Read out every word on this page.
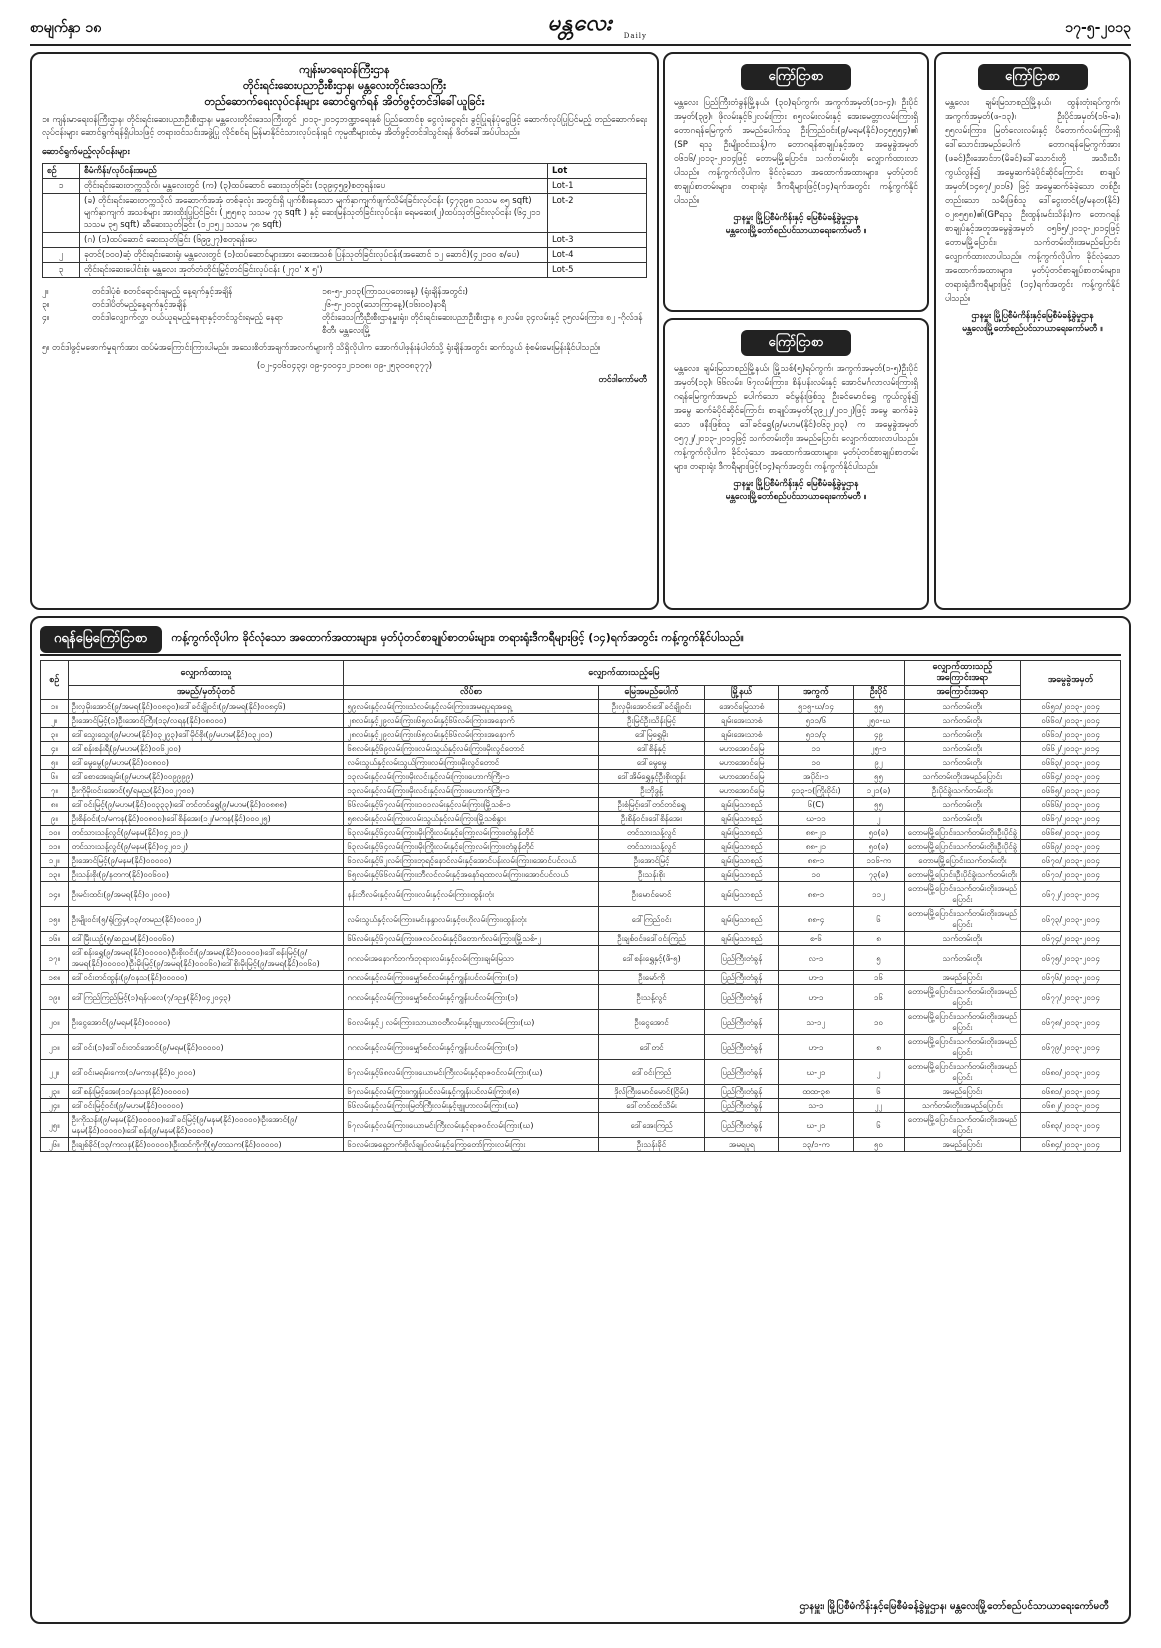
စာမျက်နှာ ၁၈	မန္တလေး Daily	၁၇-၅-၂၀၁၃
ကျန်းမာရေးဝန်ကြီးဌာန
တိုင်းရင်းဆေးပညာဦးစီးဌာန၊ မန္တလေးတိုင်းဒေသကြီး
တည်ဆောက်ရေးလုပ်ငန်းများ ဆောင်ရွက်ရန် အိတ်ဖွင့်တင်ဒါခေါ်ယူခြင်း
၁။ ကျန်းမာရေးဝန်ကြီးဌာန၊ တိုင်းရင်းဆေးပညာဦးစီးဌာန၊ မန္တလေးတိုင်းဒေသကြီးတွင် ၂၀၁၃-၂၀၁၄ဘဏ္ဍာရေးနှစ် ပြည်ထောင်စု ငွေလုံးငွေရင်း ခွင့်ပြုရန်ပုံငွေဖြင့် ဆောက်လုပ်ပြုပြင်မည့် တည်ဆောက်ရေးလုပ်ငန်းများ ဆောင်ရွက်ရန်ရှိပါသဖြင့် တရားဝင်သင်းအဖွဲ့ပြု လိုင်စင်ရ မြန်မာနိုင်ငံသားလုပ်ငန်းရှင် ကုမ္ပဏီများထံမှ အိတ်ဖွင့်တင်ဒါသွင်းရန် ဖိတ်ခေါ်အပ်ပါသည်။
ဆောင်ရွက်မည့်လုပ်ငန်းများ
စဉ်	စီမံကိန်း/လုပ်ငန်းအမည်	Lot
၁	တိုင်းရင်းဆေးတက္ကသိုလ်၊ မန္တလေးတွင် (က) (၃)ထပ်ဆောင် ဆေးသုတ်ခြင်း (၁၃၉၊၄၅၉)စတုရန်းပေ	Lot-1
	(ခ) တိုင်းရင်းဆေးတက္ကသိုလ် အဆောက်အအုံ တစ်ခုလုံး အတွင်းရှိ ပျက်စီးနေသော မျက်နှာကျက်ဖျက်သိမ်းခြင်းလုပ်ငန်း (၄၇၃၉၈ သသမ ၈၅ sqft) မျက်နှာကျက် အသစ်များ အားထိုးပြုပြင်ခြင်း (၂၅၅၈၃ သသမ ၇၃ sqft ) နှင့် ဆေးမြန်သုတ်ခြင်းလုပ်ငန်း၊ ရေမဆေး(၂)ထပ်သုတ်ခြင်းလုပ်ငန်း (၆၄၂၁၁ သသမ ၃၅ sqft) ဆီဆေးသုတ်ခြင်း (၁၂၁၅၂ သသမ ၇၈ sqft)	Lot-2
	(ဂ) (၁)ထပ်ဆောင် ဆေးသုတ်ခြင်း (၆၉၉၂၇)စတုရန်းပေ	Lot-3
၂	ခုတင်(၁၀၀)ဆံ့ တိုင်းရင်းဆေးရုံ၊ မန္တလေးတွင် (၁)ထပ်ဆောင်များအား ဆေးအသစ် ပြန်သုတ်ခြင်းလုပ်ငန်း(အဆောင် ၁၂ ဆောင်)(၄၂၁၀၀ စ/ပေ)	Lot-4
၃	တိုင်းရင်းဆေးပေါင်းစုံ၊ မန္တလေး အုတ်တံတိုင်းမြှင့်တင်ခြင်းလုပ်ငန်း (၂၇၀' x ၅')	Lot-5
၂။	တင်ဒါပုံစံ စတင်ရောင်းချမည့် နေ့ရက်နှင့်အချိန်	၁၈-၅-၂၀၁၃(ကြာသပတေးနေ့) (ရုံးချိန်အတွင်း)
၃။	တင်ဒါပိတ်မည့်နေ့ရက်နှင့်အချိန်	၂၆-၅-၂၀၁၃(သောကြာနေ့)(၁၆း၀၀)နာရီ
၄။	တင်ဒါလျှောက်လွှာ ဝယ်ယူရမည့်နေရာနှင့်တင်သွင်းရမည့် နေရာ	တိုင်းဒေသကြီးဦးစီးဌာနမှူးရုံး၊ တိုင်းရင်းဆေးပညာဦးစီးဌာန ၈၂လမ်း၊ ၃၄လမ်းနှင့် ၃၅လမ်းကြား၊ ၈၂ -ဂိုလ်ဒန်စီတီ၊ မန္တလေးမြို့
၅။ တင်ဒါဖွင့်မဖောက်မှုရက်အား ထပ်မံအကြောင်းကြားပါမည်။ အသေးစိတ်အချက်အလက်များကို သိရှိလိုပါက အောက်ပါဖုန်းနံပါတ်သို့ ရုံးချိန်အတွင်း ဆက်သွယ် စုံစမ်းမေးမြန်းနိုင်ပါသည်။
(၀၂-၄၀၆၀၄၃၄၊ ၀၉-၄၀၀၄၁၂၁၁၀၈၊ ၀၉-၂၅၃၀၀၈၃၇၇)
တင်ဒါကော်မတီ
ကြော်ငြာစာ
မန္တလေး ပြည်ကြီးတံခွန်မြို့နယ်၊ (၃၀)ရပ်ကွက်၊ အကွက်အမှတ်(၁၁-၄)၊ ဦးပိုင်အမှတ်(၃၉)၊ ဖိုလမ်းနှင့်၆၂လမ်းကြား ၈၅လမ်းလမ်းနှင့် အေးမေတ္တာလမ်းကြားရှိ တောဂရန်မြေကွက် အမည်ပေါက်သူ ဦးကြည်ဝင်း(၉/မရမ(နိုင်)၀၄၅၅၅၄)၏ (SP ရသူ ဦးမျိုးဝင်းသန့်)က တောဂရန်စာချုပ်နှင့်အတူ အမွေခွဲအမှတ် ၀၆၁၆/၂၀၁၃-၂၀၁၄ဖြင့် တောမမြို့ပြောင်း၊ သက်တမ်းတိုး လျှောက်ထားလာပါသည်။ ကန့်ကွက်လိုပါက ခိုင်လုံသော အထောက်အထားများ၊ မှတ်ပုံတင်စာချုပ်စာတမ်းများ၊ တရားရုံး ဒီကရီများဖြင့်(၁၄)ရက်အတွင်း ကန့်ကွက်နိုင်ပါသည်။
ဌာနမှူး မြို့ပြစီမံကိန်းနှင့် မြေစီမံခန့်ခွဲမှုဌာန
မန္တလေးမြို့တော်စည်ပင်သာယာရေးကော်မတီ ။
ကြော်ငြာစာ
မန္တလေး၊ ချမ်းမြသာစည်မြို့နယ်၊ မြို့သစ်(၅)ရပ်ကွက်၊ အကွက်အမှတ်(၁-၅)ဦးပိုင်အမှတ်(၁၃)၊ ၆၆လမ်း၊ ၆၇လမ်းကြား၊ စိန်ပန်းလမ်းနှင့် အောင်မင်္ဂလာလမ်းကြားရှိ ဂရန်မြေကွက်အမည် ပေါက်သော ခင်မွန်းဖြစ်သူ ဦးခင်မောင်ရွှေ ကွယ်လွန်၍ အမွေ ဆက်ခံပိုင်ဆိုင်ကြောင်း စာချုပ်အမှတ်(၃၉၂၂/၂၀၁၂)ဖြင့် အမွေ ဆက်ခံခဲ့သော ဖနီးဖြစ်သူ ဒေါ်ခင်ရွှေ(၉/မဟမ(နိုင်)၀၆၃၂၀၃) က အမွေခွဲအမှတ် ၀၅၇၂/၂၀၁၃-၂၀၁၄ဖြင့် သက်တမ်းတိုး၊ အမည်ပြောင်း လျှောက်ထားလာပါသည်။ ကန့်ကွက်လိုပါက ခိုင်လုံသော အထောက်အထားများ၊ မှတ်ပုံတင်စာချုပ်စာတမ်းများ၊ တရားရုံး ဒီကရီများဖြင့်(၁၄)ရက်အတွင်း ကန့်ကွက်နိုင်ပါသည်။
ဌာနမှူး မြို့ပြစီမံကိန်းနှင့် မြေစီမံခန့်ခွဲမှုဌာန
မန္တလေးမြို့တော်စည်ပင်သာယာရေးကော်မတီ ။
ကြော်ငြာစာ
မန္တလေး ချမ်းမြသာစည်မြို့နယ်၊ ထွန်းတုံးရပ်ကွက်၊ အကွက်အမှတ်(ဖ-၁၃)၊ ဦးပိုင်အမှတ်(၁၆-ခ)၊ ၅၅လမ်းကြား၊ မြတ်လေးလမ်းနှင့် ပိတောက်လမ်းကြားရှိ ဒေါ်သောင်းအမည်ပေါက် တောဂရန်မြေကွက်အား (ဖခင်)ဦးအောင်ဘ(မိခင်)ဒေါ်သောင်းတို့ အသီးသီး ကွယ်လွန်၍ အမွေဆက်ခံပိုင်ဆိုင်ကြောင်း စာချုပ်အမှတ်(၁၄၈၇/၂၀၁၆) ဖြင့် အမွေဆက်ခံခဲ့သော တစ်ဦးတည်းသော သမီးဖြစ်သူ ဒေါ်ငွေးတင်(၉/မနတ(နိုင်) ၀၂၈၅၅၈)၏(GPရသူ ဦးထွန်းမင်းသိန်း)က တောဂရန်စာချုပ်နှင့်အတူအမွေခွဲအမှတ် ၀၅၆၅/၂၀၁၃-၂၀၁၄ဖြင့် တောမမြို့ပြောင်း၊ သက်တမ်းတိုး၊အမည်ပြောင်း လျှောက်ထားလာပါသည်။ ကန့်ကွက်လိုပါက ခိုင်လုံသော အထောက်အထားများ၊ မှတ်ပုံတင်စာချုပ်စာတမ်းများ၊တရားရုံးဒီကရီများဖြင့် (၁၄)ရက်အတွင်း ကန့်ကွက်နိုင်ပါသည်။
ဌာနမှူး မြို့ပြစီမံကိန်းနှင့်မြေစီမံခန့်ခွဲမှုဌာန
မန္တလေးမြို့တော်စည်ပင်သာယာရေးကော်မတီ ။
ဂရန်မြေကြော်ငြာစာ	ကန့်ကွက်လိုပါက ခိုင်လုံသော အထောက်အထားများ၊ မှတ်ပုံတင်စာချုပ်စာတမ်းများ၊ တရားရုံးဒီကရီများဖြင့် (၁၄)ရက်အတွင်း ကန့်ကွက်နိုင်ပါသည်။
စဉ်	လျှောက်ထားသူ	လျှောက်ထားသည့်မြေ					လျှောက်ထားသည့် အကြောင်းအရာ	အမွေခွဲအမှတ်
	အမည်/မှတ်ပုံတင်	လိပ်စာ	မြေအမည်ပေါက်	မြို့နယ်	အကွက်	ဦးပိုင်	အကြောင်းအရာ	
၁။	ဦးလှမိုးအောင်(၉/အမရ(နိုင်)၀၀၈၃၀)၊ဒေါ်ခင်ချိုဝင်း(၉/အမရ(နိုင်)၀၀၈၄၆)	၅၉လမ်းနှင့်လမ်းကြား၊သံလမ်းနှင့်လမ်းကြား၊အမရပူရအရှေ့	ဦးလှမိုးအောင်၊ဒေါ်ခင်ချိုဝင်း	အောင်မြေသာစံ	၅၁၅-ဃ/၁၄	၅၅	သက်တမ်းတိုး	၀၆၅၁/၂၀၁၃-၂၀၁၄
၂။	ဦးအောင်မြင့်(၁)ဦးအောင်ကြီး(၁၃/လရန(နိုင်)၀၈၀၀၀)	၂၈လမ်းနှင့်၂၉လမ်းကြား၊၆၅လမ်းနှင့်၆၆လမ်းကြား၊အနောက်	ဦးမြင်ဦး၊သိန်းမြင့်	ချမ်းအေးသာစံ	၅၁၁/၆	၂၅၀-ဃ	သက်တမ်းတိုး	၀၆၆၀/၂၀၁၃-၂၀၁၄
၃။	ဒေါ်သွေးသွေး(၉/မဟမ(နိုင်)၀၃၂၉၃)ဒေါ်မိုင်စိုး(၉/မဟမ(နိုင်)၀၃၂၀၁)	၂၈လမ်းနှင့်၂၉လမ်းကြား၊၆၅လမ်းနှင့်၆၆လမ်းကြား၊အနောက်	ဒေါ်မြရွှေမိုး	ချမ်းအေးသာစံ	၅၁၁/၃	၄၉	သက်တမ်းတိုး	၀၆၆၁/၂၀၁၃-၂၀၁၄
၄။	ဒေါ်စန်းစန်းရီ(၉/မဟမ(နိုင်)၀၀၆၂၀၀)	၆၈လမ်းနှင့်၆၉လမ်းကြား၊လမ်းသွယ်နှင့်လမ်းကြား၊မိုးလွင်တောင်	ဒေါ်စိန်နှင့်	မဟာအောင်မြေ	၁၁	၂၅-၁	သက်တမ်းတိုး	၀၆၆၂/၂၀၁၃-၂၀၁၄
၅။	ဒေါ်မွေမွေ(၉/မဟမ(နိုင်)၀၀၈၀၀)	လမ်းသွယ်နှင့်လမ်းသွယ်ကြား၊လမ်းကြား၊မိုးလွင်တောင်	ဒေါ်မွေမွေ	မဟာအောင်မြေ	၁၀	၉၂	သက်တမ်းတိုး	၀၆၆၃/၂၀၁၃-၂၀၁၄
၆။	ဒေါ်စောအေးချမ်း(၉/မဟမ(နိုင်)၀၀၉၉၉၉)	၁၃လမ်းနှင့်လမ်းကြား၊မိုးလင်းနှင့်လမ်းကြား၊ဟောက်ကြီး-၁	ဒေါ်အိမ်ရွှေနှင့်ဦးစိုးထွန်း	မဟာအောင်မြေ	အပိုင်း-၁	၅၅	သက်တမ်းတိုးအမည်ပြောင်း	၀၆၆၄/၂၀၁၃-၂၀၁၄
၇။	ဦးကိုမိုးဝင်းအောင်(၅/ရမည(နိုင်)၀၀၂၇၀၀)	၁၃လမ်းနှင့်လမ်းကြား၊မိုးလင်းနှင့်လမ်းကြား၊ဟောက်ကြီး-၁	ဦးဘိုဒွန့်	မဟာအောင်မြေ	၄၁၃-၁(ကြိုးဝိုင်း)	၁၂၁(ခ)	ဦးပိုင်ခွဲ၊သက်တမ်းတိုး	၀၆၆၅/၂၀၁၃-၂၀၁၄
၈။	ဒေါ်ဝင်းမြင့်(၉/မဟမ(နိုင်)၀၀၃၃၃)၊ဒေါ်တင်တင်ရွှေ(၉/မဟမ(နိုင်)၀၀၈၈၈)	၆၆လမ်းနှင့်၆၇လမ်းကြား၊၁၀၁လမ်းနှင့်လမ်းကြား၊မြို့သစ်-၁	ဦးစံမြင့်၊ဒေါ်တင်တင်ရွှေ	ချမ်းမြသာစည်	၆(C)	၅၅	သက်တမ်းတိုး	၀၆၆၆/၂၀၁၃-၂၀၁၄
၉။	ဦးစိန်ဝင်း(၁/မကန(နိုင်)၀၀၈၀၀)၊ဒေါ်စိန်အေး(၁၂/မကန(နိုင်)၀၀၀၂၅)	၅၈လမ်းနှင့်လမ်းကြား၊လမ်းသွယ်နှင့်လမ်းကြား၊မြို့သစ်နွား	ဦးစိန်ဝင်း၊ဒေါ်စိန်အေး	ချမ်းမြသာစည်	ဃ-၁၁	၂	သက်တမ်းတိုး	၀၆၆၇/၂၀၁၃-၂၀၁၄
၁၀။	တင်သားသန့်လွင်(၉/မနမ(နိုင်)၀၄၂၀၁၂)	၆၃လမ်းနှင့်၆၄လမ်းကြား၊မိုးကြိုးလမ်းနှင့်ကြော့လမ်းကြား၊တံခွန်တိုင်	တင်သားသန့်လွင်	ချမ်းမြသာစည်	၈၈-၂၁	၅၀(ခ)	တောမမြို့ပြောင်း၊သက်တမ်းတိုး၊ဦးပိုင်ခွဲ	၀၆၆၈/၂၀၁၃-၂၀၁၄
၁၁။	တင်သားသန့်လွင်(၉/မနမ(နိုင်)၀၄၂၀၁၂)	၆၃လမ်းနှင့်၆၄လမ်းကြား၊မိုးကြိုးလမ်းနှင့်ကြော့လမ်းကြား၊တံခွန်တိုင်	တင်သားသန့်လွင်	ချမ်းမြသာစည်	၈၈-၂၁	၅၀(ခ)	တောမမြို့ပြောင်း၊သက်တမ်းတိုး၊ဦးပိုင်ခွဲ	၀၆၆၉/၂၀၁၃-၂၀၁၄
၁၂။	ဦးအောင်မြင့်(၉/မနမ(နိုင်)၀၀၀၀၀)	၆၁လမ်းနှင့်၆၂လမ်းကြား၊ဘုရင့်နောင်လမ်းနှင့်အောင်ပန်းလမ်းကြား၊အောင်ပင်လယ်	ဦးအောင်မြင့်	ချမ်းမြသာစည်	၈၈-၁	၁၁၆-က	တောမမြို့ပြောင်း၊သက်တမ်းတိုး	၀၆၇၀/၂၀၁၃-၂၀၁၄
၁၃။	ဦးသန်းစိုး(၉/နတက(နိုင်)၀၀၆၀၀)	၆၅လမ်းနှင့်၆၆လမ်းကြား၊ဘီလင်လမ်းနှင့်အနော်ရထာလမ်းကြား၊အောင်ပင်လယ်	ဦးသန်းစိုး	ချမ်းမြသာစည်	၁၀	၇၃(ခ)	တောမမြို့ပြောင်း၊ဦးပိုင်ခွဲ၊သက်တမ်းတိုး	၀၆၇၁/၂၀၁၃-၂၀၁၄
၁၄။	ဦးမင်းထင်း(၉/အမရ(နိုင်)၀၂၀၀၀)	နန်းဘီလမ်းနှင့်လမ်းကြား၊လမ်းနှင့်လမ်းကြား၊ထွန်းတုံး	ဦးမောင်မောင်	ချမ်းမြသာစည်	၈၈-၁	၁၁၂	တောမမြို့ပြောင်း၊သက်တမ်းတိုး၊အမည်ပြောင်း	၀၆၇၂/၂၀၁၃-၂၀၁၄
၁၅။	ဦးမျိုးဝင်း(၅/ရုံကြွမှ(၁၃/တမည(နိုင်)၀၀၀၁၂)	လမ်းသွယ်နှင့်လမ်းကြား၊မင်းနန္ဒာလမ်းနှင့်ဗဟိုလမ်းကြား၊ထွန်းတုံး	ဒေါ်ကြည်ဝင်း	ချမ်းမြသာစည်	၈၈-၄	၆	တောမမြို့ပြောင်း၊သက်တမ်းတိုး၊အမည်ပြောင်း	၀၆၇၃/၂၀၁၃-၂၀၁၄
၁၆။	ဒေါ်မြီးယဉ်(၅/ဆညမ(နိုင်)၀၀၀၆၀)	၆၆လမ်းနှင့်၆၇လမ်းကြား၊ဇလပ်လမ်းနှင့်ပိတောက်လမ်းကြား၊မြို့သစ်-၂	ဦးချစ်ဝင်း၊ဒေါ်ဝင်းကြည်	ချမ်းမြသာစည်	စ-၆	၈	သက်တမ်းတိုး	၀၆၇၄/၂၀၁၃-၂၀၁၄
၁၇။	ဒေါ်စန်းရွှေ(၉/အမရ(နိုင်)၀၀၀၀၀)၊ဦးစိုးဝင်း(၉/အမရ(နိုင်)၀၀၀၀၀)၊ဒေါ်စန်းမြင့်(၉/အမရ(နိုင်)၀၀၀၀၀)၊ဦးမိုးမြင့်(၉/အမရ(နိုင်)၀၀၀၆၀)၊ဒေါ်စိုးမိုးမြင့်(၉/အမရ(နိုင်)၀၀၆၀)	ဂဂလမ်းအနောက်ဘက်၊ဘုရားလမ်းနှင့်လမ်းကြား၊ချမ်းမြသာ	ဒေါ်စန်းရွှေနှင့်(ဖိ-၅)	ပြည်ကြီးတံခွန်	လ-၁	၅	သက်တမ်းတိုး	၀၆၇၅/၂၀၁၃-၂၀၁၄
၁၈။	ဒေါ်ဝင်းတင်ထွန်း(၉/ဝနသ(နိုင်)၀၀၀၀၀)	ဂဂလမ်းနှင့်လမ်းကြား၊မျှော်စင်လမ်းနှင့်ကျွန်းပင်လမ်းကြား(၁)	ဦးမော်ကို	ပြည်ကြီးတံခွန်	ဟ-၁	၁၆	အမည်ပြောင်း	၀၆၇၆/၂၀၁၃-၂၀၁၄
၁၉။	ဒေါ်ကြည်ကြည်မြင့်(၁)ရန်ပလေ(၇/ဒဉန(နိုင်)၀၄၂၀၄၃)	ဂဂလမ်းနှင့်လမ်းကြား၊မျှော်စင်လမ်းနှင့်ကျွန်းပင်လမ်းကြား(၁)	ဦးသန့်လွင်	ပြည်ကြီးတံခွန်	ဟ-၁	၁၆	တောမမြို့ပြောင်း၊သက်တမ်းတိုး၊အမည်ပြောင်း	၀၆၇၇/၂၀၁၃-၂၀၁၄
၂၀။	ဦးငွေအောင်(၉/မရမ(နိုင်)၀၀၀၀၀)	၆၀လမ်းနှင့်၂ လမ်းကြား၊သာယာဝတီလမ်းနှင့်ဗျူဟာလမ်းကြား(ဃ)	ဦးငွေအောင်	ပြည်ကြီးတံခွန်	သ-၁၂	၁၀	တောမမြို့ပြောင်း၊သက်တမ်းတိုး၊အမည်ပြောင်း	၀၆၇၈/၂၀၁၃-၂၀၁၄
၂၁။	ဒေါ်ဝင်း(၁)ဒေါ်ဝင်းတင်အောင်(၉/မရမ(နိုင်)၀၀၀၀၀)	ဂဂလမ်းနှင့်လမ်းကြား၊မျှော်စင်လမ်းနှင့်ကျွန်းပင်လမ်းကြား(၁)	ဒေါ်တင်	ပြည်ကြီးတံခွန်	ဟ-၁	၈	တောမမြို့ပြောင်း၊သက်တမ်းတိုး၊အမည်ပြောင်း	၀၆၇၉/၂၀၁၃-၂၀၁၄
၂၂။	ဒေါ်ဝင်းမရမ်းကော(၁/မကာန(နိုင်)၀၂၀၀၀)	၆၇လမ်းနှင့်၆၈လမ်းကြား၊ယောမင်းကြီးလမ်းနှင့်ရာဇဝင်လမ်းကြား(ဃ)	ဒေါ်ဝင်းကြည်	ပြည်ကြီးတံခွန်	ဃ-၂၁	၂	တောမမြို့ပြောင်း၊သက်တမ်းတိုး၊အမည်ပြောင်း	၀၆၈၀/၂၀၁၃-၂၀၁၄
၂၃။	ဒေါ်စန်းမြင့်အေး(၁၁/နသန(နိုင်)၀၀၀၀၀)	၆၇လမ်းနှင့်လမ်းကြား၊ကျွန်းပင်လမ်းနှင့်ကျွန်းပင်လမ်းကြား(၈)	ဒိုလ်ကြီးမောင်မောင်(ငြိမ်း)	ပြည်ကြီးတံခွန်	ထထ-၃၈	၆	အမည်ပြောင်း	၀၆၈၁/၂၀၁၃-၂၀၁၄
၂၄။	ဒေါ်ဝင်းမြင့်ဝင်း(၉/မဟမ(နိုင်)၀၀၀၀၀)	၆၆လမ်းနှင့်လမ်းကြား၊မြတ်ကြီးလမ်းနှင့်ဗျူဟာလမ်းကြား(ဃ)	ဒေါ်တင်ထင်သိမ်း	ပြည်ကြီးတံခွန်	သ-၁	၂၂	သက်တမ်းတိုး၊အမည်ပြောင်း	၀၆၈၂/၂၀၁၃-၂၀၁၄
၂၅။	ဦးကိုသန်း(၉/မနမ(နိုင်)၀၀၀၀၀)၊ဒေါ်ခင်မြင့်(၉/မနမ(နိုင်)၀၀၀၀၀)၊ဦးအောင်(၉/မနမ(နိုင်)၀၀၀၀၀)၊ဒေါ်စန်း(၉/မနမ(နိုင်)၀၀၀၀၀)	၆၇လမ်းနှင့်လမ်းကြား၊ယောမင်းကြီးလမ်းနှင့်ရာဇဝင်လမ်းကြား(ဃ)	ဒေါ်အေးကြည်	ပြည်ကြီးတံခွန်	ဃ-၂၁	၆	တောမမြို့ပြောင်း၊သက်တမ်းတိုး၊အမည်ပြောင်း	၀၆၈၃/၂၀၁၃-၂၀၁၄
၂၆။	ဦးချစ်ခိုင်(၁၃/ကလန(နိုင်)၀၀၀၀၀)၊ဦးထင်ကိုကို(၅/တသက(နိုင်)၀၀၀၀၀)	၆၁လမ်းအရှေ့ဘက်၊ဗိုလ်ချုပ်လမ်းနှင့်ကြော့တော်ကြားလမ်းကြား	ဦးသန်းခိုင်	အမရပူရ	၁၃/၁-က	၅၀	အမည်ပြောင်း	၀၆၈၄/၂၀၁၃-၂၀၁၄
ဌာနမှူး၊ မြို့ပြစီမံကိန်းနှင့်မြေစီမံခန့်ခွဲမှုဌာန၊ မန္တလေးမြို့တော်စည်ပင်သာယာရေးကော်မတီ
